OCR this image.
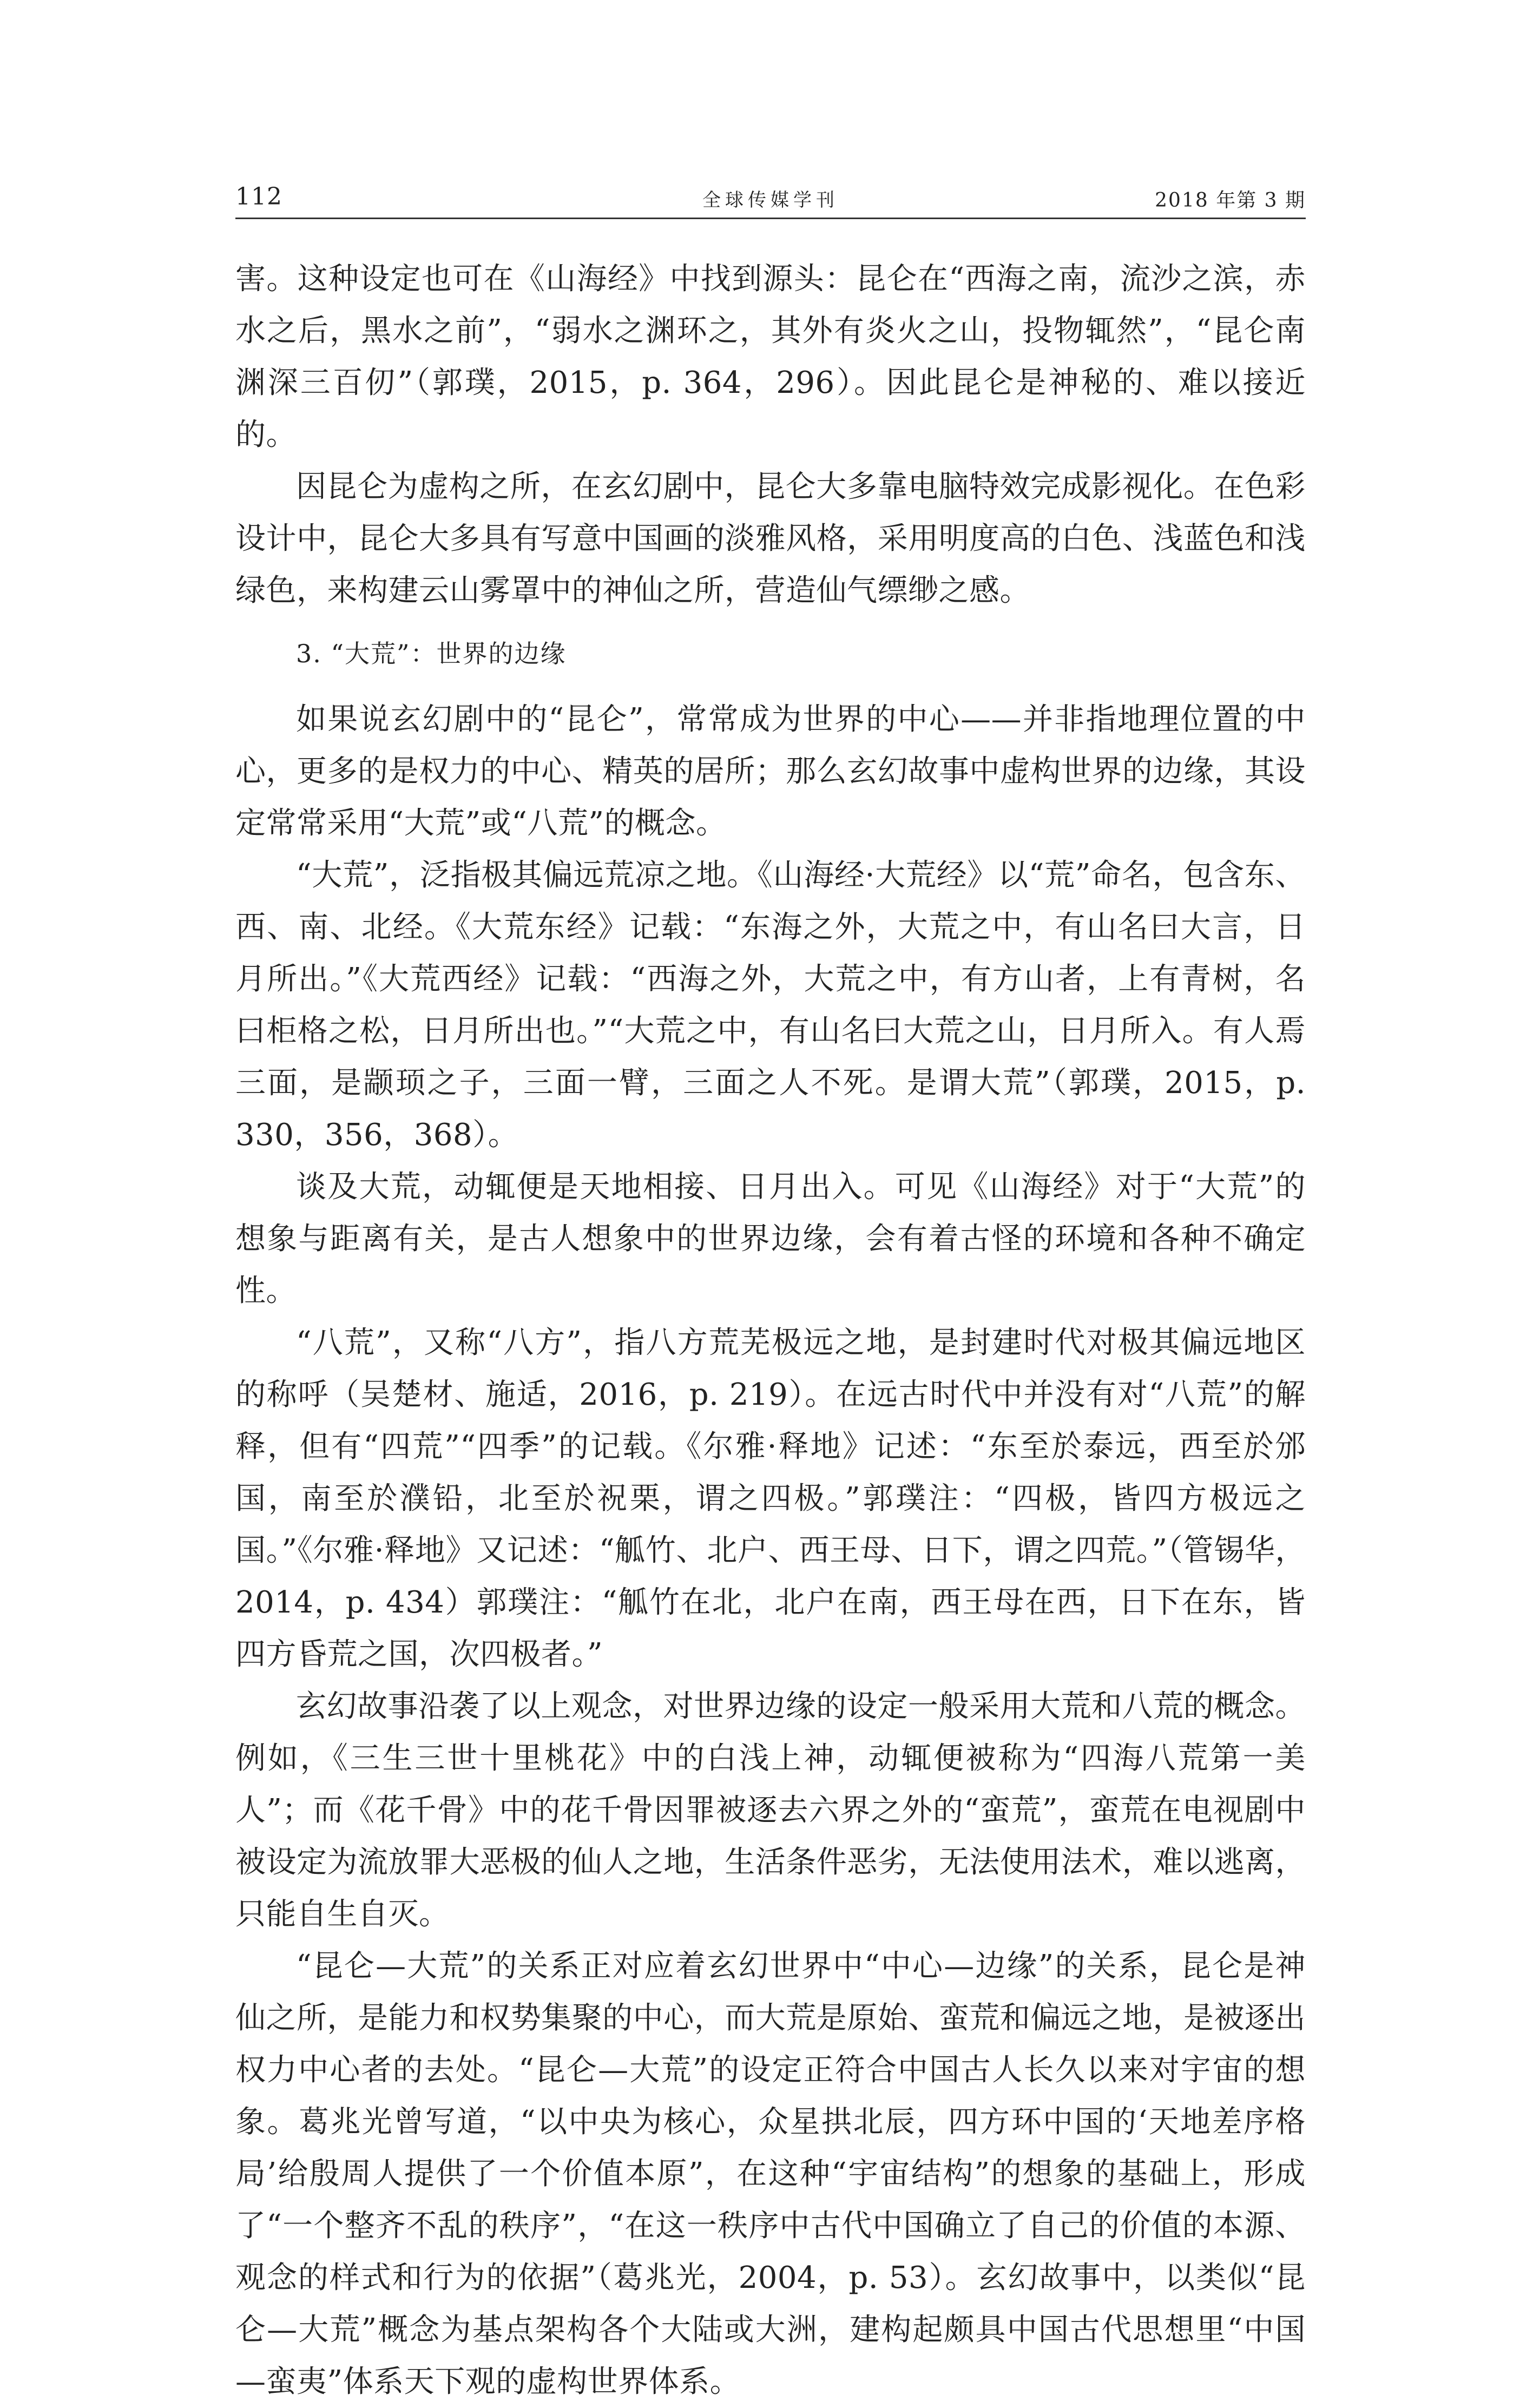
112	全球传媒学刊	2018 年第 3 期

害。这种设定也可在《山海经》中找到源头：昆仑在“西海之南，流沙之滨，赤水之后，黑水之前”，“弱水之渊环之，其外有炎火之山，投物辄然”，“昆仑南渊深三百仞”（郭璞，2015，p. 364，296）。因此昆仑是神秘的、难以接近的。

因昆仑为虚构之所，在玄幻剧中，昆仑大多靠电脑特效完成影视化。在色彩设计中，昆仑大多具有写意中国画的淡雅风格，采用明度高的白色、浅蓝色和浅绿色，来构建云山雾罩中的神仙之所，营造仙气缥缈之感。

3. “大荒”：世界的边缘

如果说玄幻剧中的“昆仑”，常常成为世界的中心——并非指地理位置的中心，更多的是权力的中心、精英的居所；那么玄幻故事中虚构世界的边缘，其设定常常采用“大荒”或“八荒”的概念。

“大荒”，泛指极其偏远荒凉之地。《山海经·大荒经》以“荒”命名，包含东、西、南、北经。《大荒东经》记载：“东海之外，大荒之中，有山名曰大言，日月所出。”《大荒西经》记载：“西海之外，大荒之中，有方山者，上有青树，名曰柜格之松，日月所出也。”“大荒之中，有山名曰大荒之山，日月所入。有人焉三面，是颛顼之子，三面一臂，三面之人不死。是谓大荒”（郭璞，2015，p. 330，356，368）。

谈及大荒，动辄便是天地相接、日月出入。可见《山海经》对于“大荒”的想象与距离有关，是古人想象中的世界边缘，会有着古怪的环境和各种不确定性。

“八荒”，又称“八方”，指八方荒芜极远之地，是封建时代对极其偏远地区的称呼（吴楚材、施适，2016，p. 219）。在远古时代中并没有对“八荒”的解释，但有“四荒”“四季”的记载。《尔雅·释地》记述：“东至於泰远，西至於邠国，南至於濮铅，北至於祝栗，谓之四极。”郭璞注：“四极，皆四方极远之国。”《尔雅·释地》又记述：“觚竹、北户、西王母、日下，谓之四荒。”（管锡华，2014，p. 434）郭璞注：“觚竹在北，北户在南，西王母在西，日下在东，皆四方昏荒之国，次四极者。”

玄幻故事沿袭了以上观念，对世界边缘的设定一般采用大荒和八荒的概念。例如，《三生三世十里桃花》中的白浅上神，动辄便被称为“四海八荒第一美人”；而《花千骨》中的花千骨因罪被逐去六界之外的“蛮荒”，蛮荒在电视剧中被设定为流放罪大恶极的仙人之地，生活条件恶劣，无法使用法术，难以逃离，只能自生自灭。

“昆仑—大荒”的关系正对应着玄幻世界中“中心—边缘”的关系，昆仑是神仙之所，是能力和权势集聚的中心，而大荒是原始、蛮荒和偏远之地，是被逐出权力中心者的去处。“昆仑—大荒”的设定正符合中国古人长久以来对宇宙的想象。葛兆光曾写道，“以中央为核心，众星拱北辰，四方环中国的‘天地差序格局’给殷周人提供了一个价值本原”，在这种“宇宙结构”的想象的基础上，形成了“一个整齐不乱的秩序”，“在这一秩序中古代中国确立了自己的价值的本源、观念的样式和行为的依据”（葛兆光，2004，p. 53）。玄幻故事中，以类似“昆仑—大荒”概念为基点架构各个大陆或大洲，建构起颇具中国古代思想里“中国—蛮夷”体系天下观的虚构世界体系。
